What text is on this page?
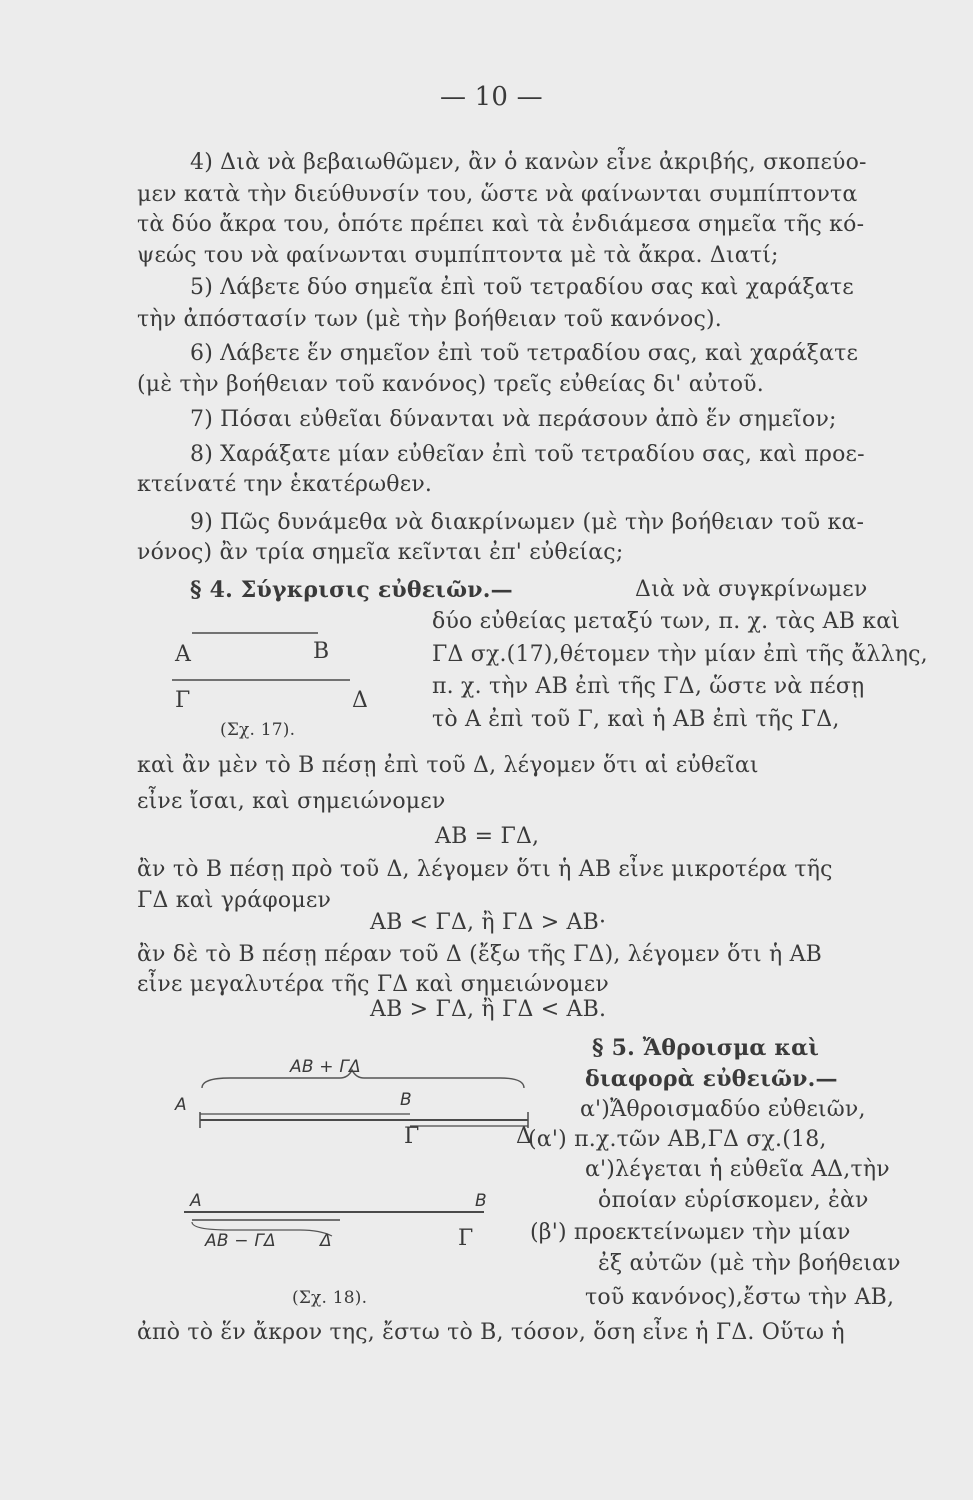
— 10 —
4) Διὰ νὰ βεβαιωθῶμεν, ἂν ὁ κανὼν εἶνε ἀκριβής, σκοπεύο-
μεν κατὰ τὴν διεύθυνσίν του, ὥστε νὰ φαίνωνται συμπίπτοντα
τὰ δύο ἄκρα του, ὁπότε πρέπει καὶ τὰ ἐνδιάμεσα σημεῖα τῆς κό-
ψεώς του νὰ φαίνωνται συμπίπτοντα μὲ τὰ ἄκρα. Διατί;
5) Λάβετε δύο σημεῖα ἐπὶ τοῦ τετραδίου σας καὶ χαράξατε
τὴν ἀπόστασίν των (μὲ τὴν βοήθειαν τοῦ κανόνος).
6) Λάβετε ἕν σημεῖον ἐπὶ τοῦ τετραδίου σας, καὶ χαράξατε
(μὲ τὴν βοήθειαν τοῦ κανόνος) τρεῖς εὐθείας δι' αὐτοῦ.
7) Πόσαι εὐθεῖαι δύνανται νὰ περάσουν ἀπὸ ἕν σημεῖον;
8) Χαράξατε μίαν εὐθεῖαν ἐπὶ τοῦ τετραδίου σας, καὶ προε-
κτείνατέ την ἑκατέρωθεν.
9) Πῶς δυνάμεθα νὰ διακρίνωμεν (μὲ τὴν βοήθειαν τοῦ κα-
νόνος) ἂν τρία σημεῖα κεῖνται ἐπ' εὐθείας;
§ 4. Σύγκρισις εὐθειῶν.—	Διὰ νὰ συγκρίνωμεν
δύο εὐθείας μεταξύ των, π. χ. τὰς ΑΒ καὶ
ΓΔ σχ.(17),θέτομεν τὴν μίαν ἐπὶ τῆς ἄλλης,
π. χ. τὴν ΑΒ ἐπὶ τῆς ΓΔ, ὥστε νὰ πέσῃ
τὸ Α ἐπὶ τοῦ Γ, καὶ ἡ ΑΒ ἐπὶ τῆς ΓΔ,
Α	Β
Γ	Δ
(Σχ. 17).
καὶ ἂν μὲν τὸ Β πέσῃ ἐπὶ τοῦ Δ, λέγομεν ὅτι αἱ εὐθεῖαι
εἶνε ἴσαι, καὶ σημειώνομεν
ΑΒ = ΓΔ,
ἂν τὸ Β πέσῃ πρὸ τοῦ Δ, λέγομεν ὅτι ἡ ΑΒ εἶνε μικροτέρα τῆς
ΓΔ καὶ γράφομεν
ΑΒ < ΓΔ, ἢ ΓΔ > ΑΒ·
ἂν δὲ τὸ Β πέσῃ πέραν τοῦ Δ (ἔξω τῆς ΓΔ), λέγομεν ὅτι ἡ ΑΒ
εἶνε μεγαλυτέρα τῆς ΓΔ καὶ σημειώνομεν
ΑΒ > ΓΔ, ἢ ΓΔ < ΑΒ.
ΑΒ + ΓΔ
Α	Β
Γ	Δ
Α	Β
ΑΒ − ΓΔ	Δ	Γ
(Σχ. 18).
§ 5. Ἄθροισμα καὶ
διαφορὰ εὐθειῶν.—
α')Ἄθροισμαδύο εὐθειῶν,
(α') π.χ.τῶν ΑΒ,ΓΔ σχ.(18,
α')λέγεται ἡ εὐθεῖα ΑΔ,τὴν
ὁποίαν εὑρίσκομεν, ἐὰν
(β') προεκτείνωμεν τὴν μίαν
ἐξ αὐτῶν (μὲ τὴν βοήθειαν
τοῦ κανόνος),ἔστω τὴν ΑΒ,
ἀπὸ τὸ ἕν ἄκρον της, ἔστω τὸ Β, τόσον, ὅση εἶνε ἡ ΓΔ. Οὕτω ἡ
